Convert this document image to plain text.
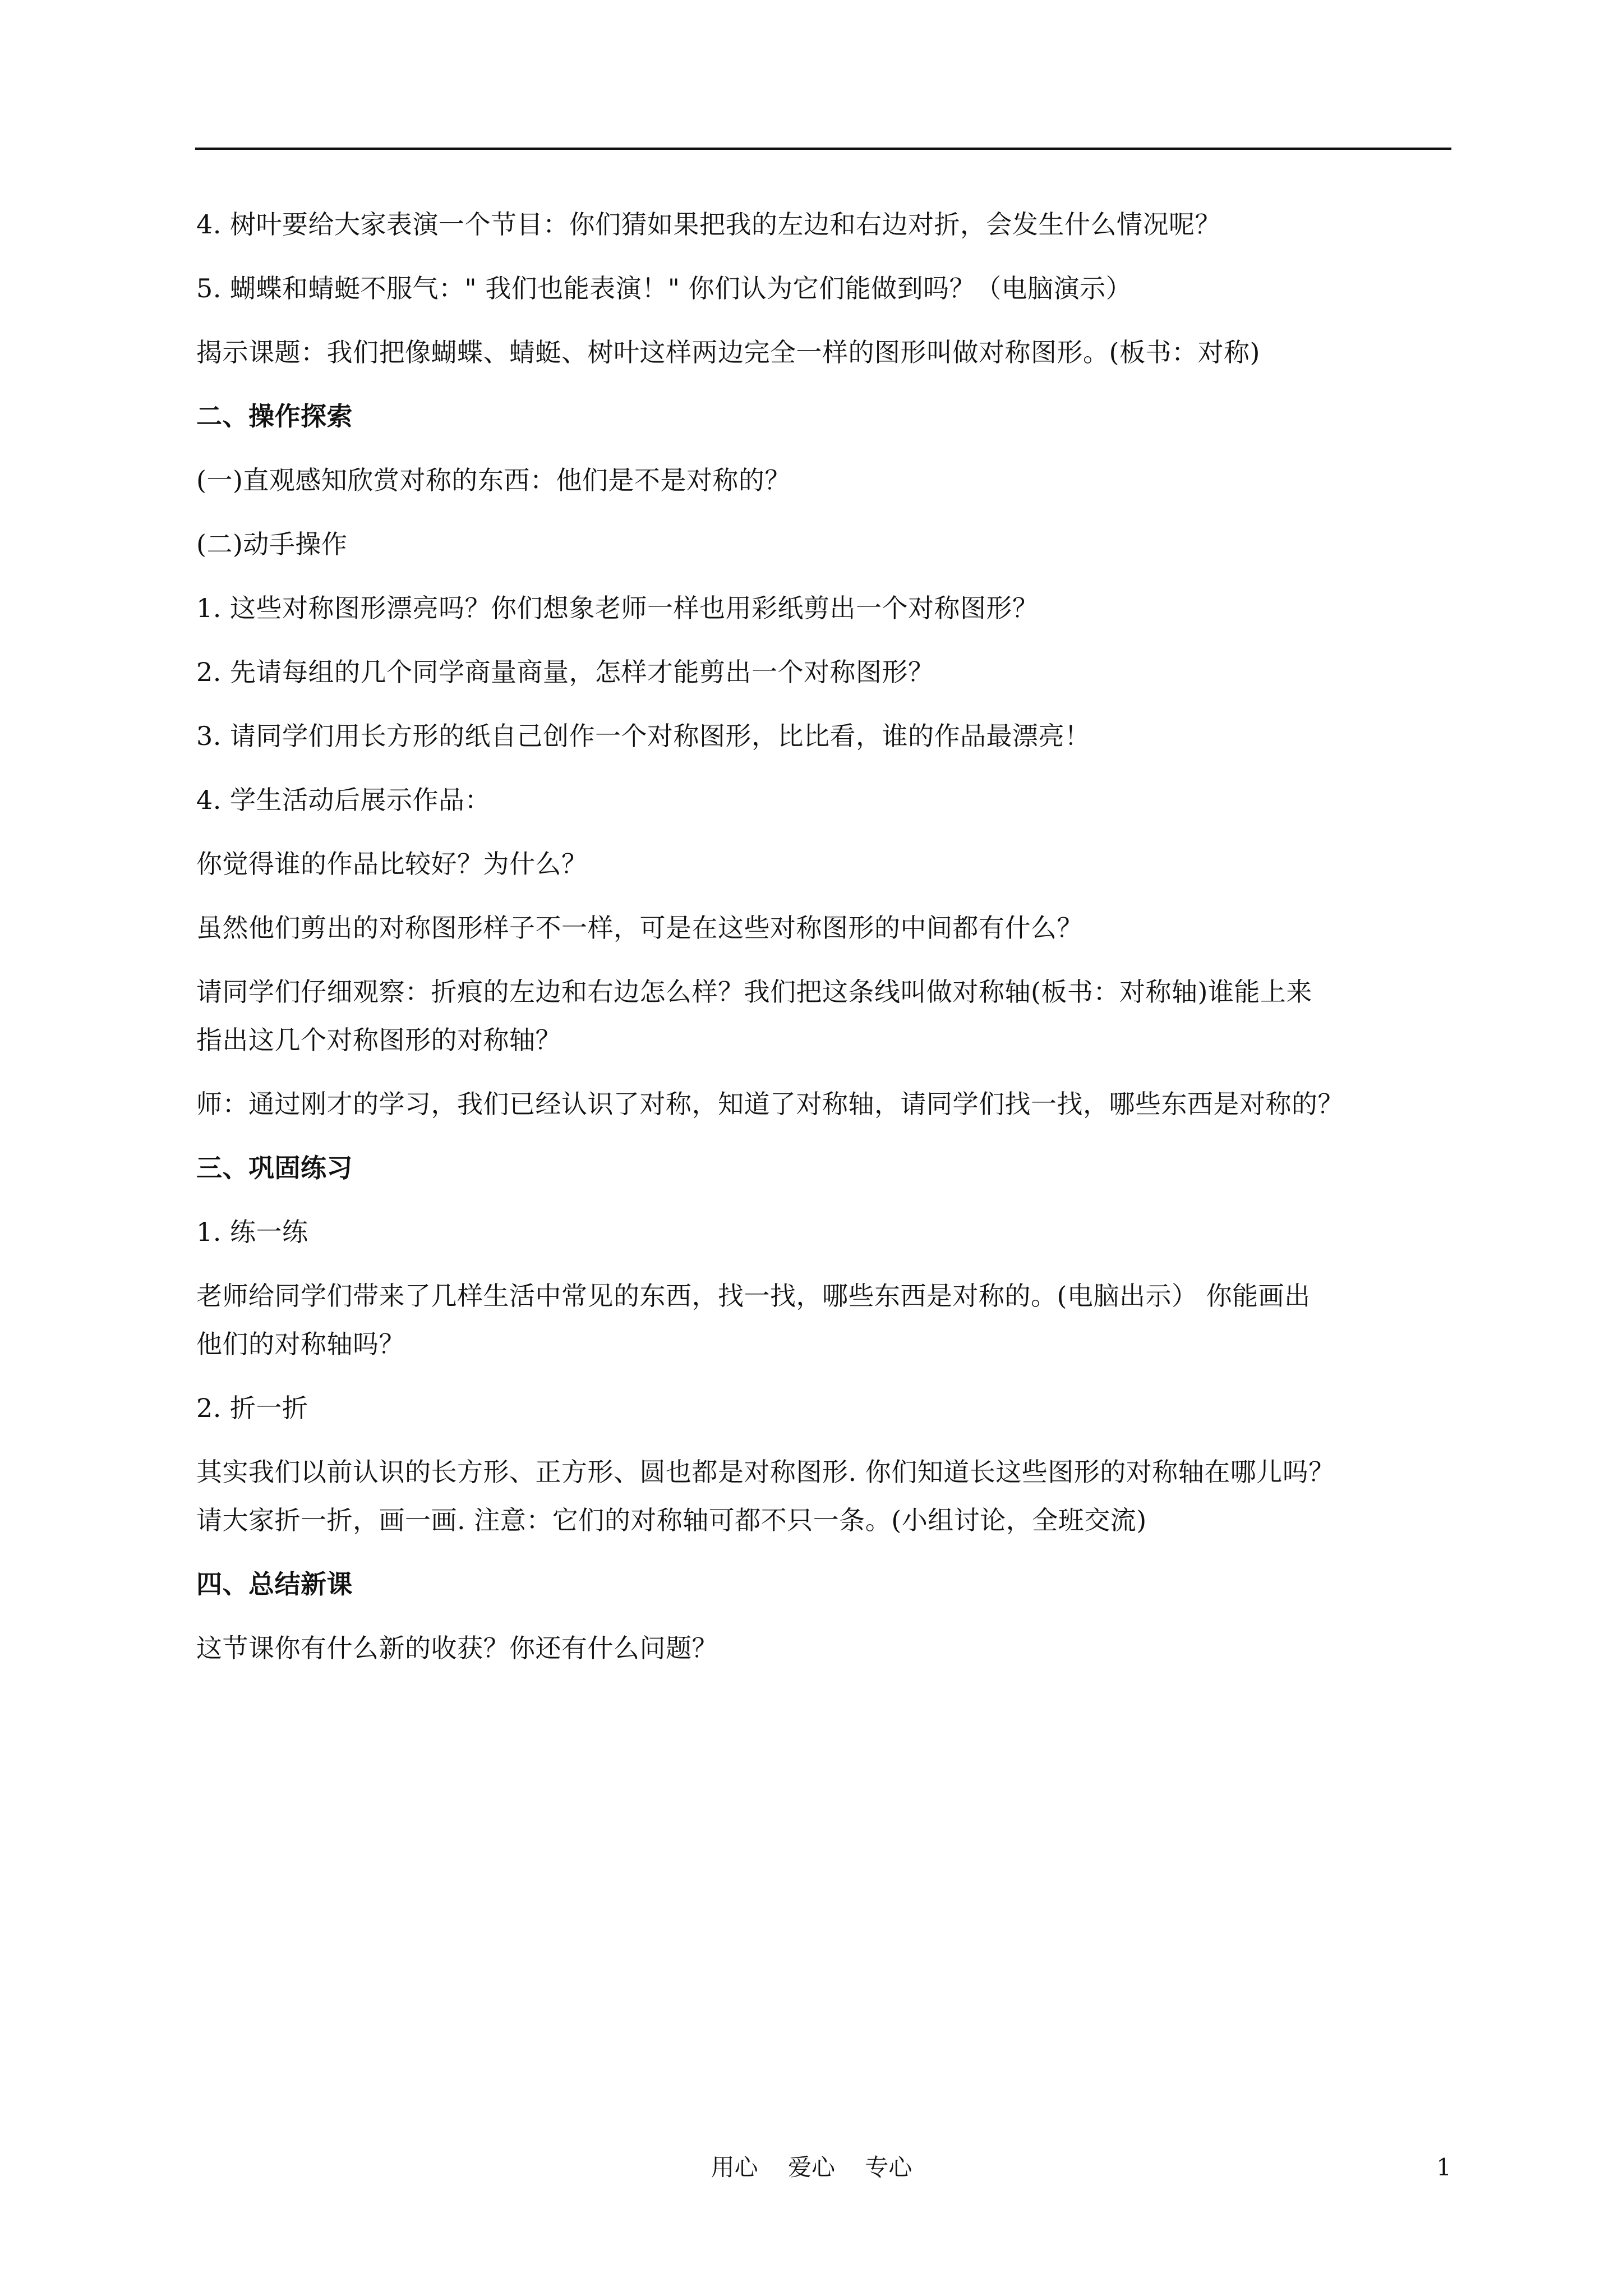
4. 树叶要给大家表演一个节目：你们猜如果把我的左边和右边对折，会发生什么情况呢？

5. 蝴蝶和蜻蜓不服气：" 我们也能表演！" 你们认为它们能做到吗？（电脑演示）

揭示课题：我们把像蝴蝶、蜻蜓、树叶这样两边完全一样的图形叫做对称图形。(板书：对称)

二、操作探索

(一)直观感知欣赏对称的东西：他们是不是对称的？

(二)动手操作

1. 这些对称图形漂亮吗？你们想象老师一样也用彩纸剪出一个对称图形？

2. 先请每组的几个同学商量商量，怎样才能剪出一个对称图形？

3. 请同学们用长方形的纸自己创作一个对称图形，比比看，谁的作品最漂亮！

4. 学生活动后展示作品：

你觉得谁的作品比较好？为什么？

虽然他们剪出的对称图形样子不一样，可是在这些对称图形的中间都有什么？

请同学们仔细观察：折痕的左边和右边怎么样？我们把这条线叫做对称轴(板书：对称轴)谁能上来

指出这几个对称图形的对称轴？

师：通过刚才的学习，我们已经认识了对称，知道了对称轴，请同学们找一找，哪些东西是对称的？

三、巩固练习

1. 练一练

老师给同学们带来了几样生活中常见的东西，找一找，哪些东西是对称的。(电脑出示） 你能画出

他们的对称轴吗？

2. 折一折

其实我们以前认识的长方形、正方形、圆也都是对称图形. 你们知道长这些图形的对称轴在哪儿吗？

请大家折一折，画一画. 注意：它们的对称轴可都不只一条。(小组讨论，全班交流)

四、总结新课

这节课你有什么新的收获？你还有什么问题？

用心    爱心    专心	1
